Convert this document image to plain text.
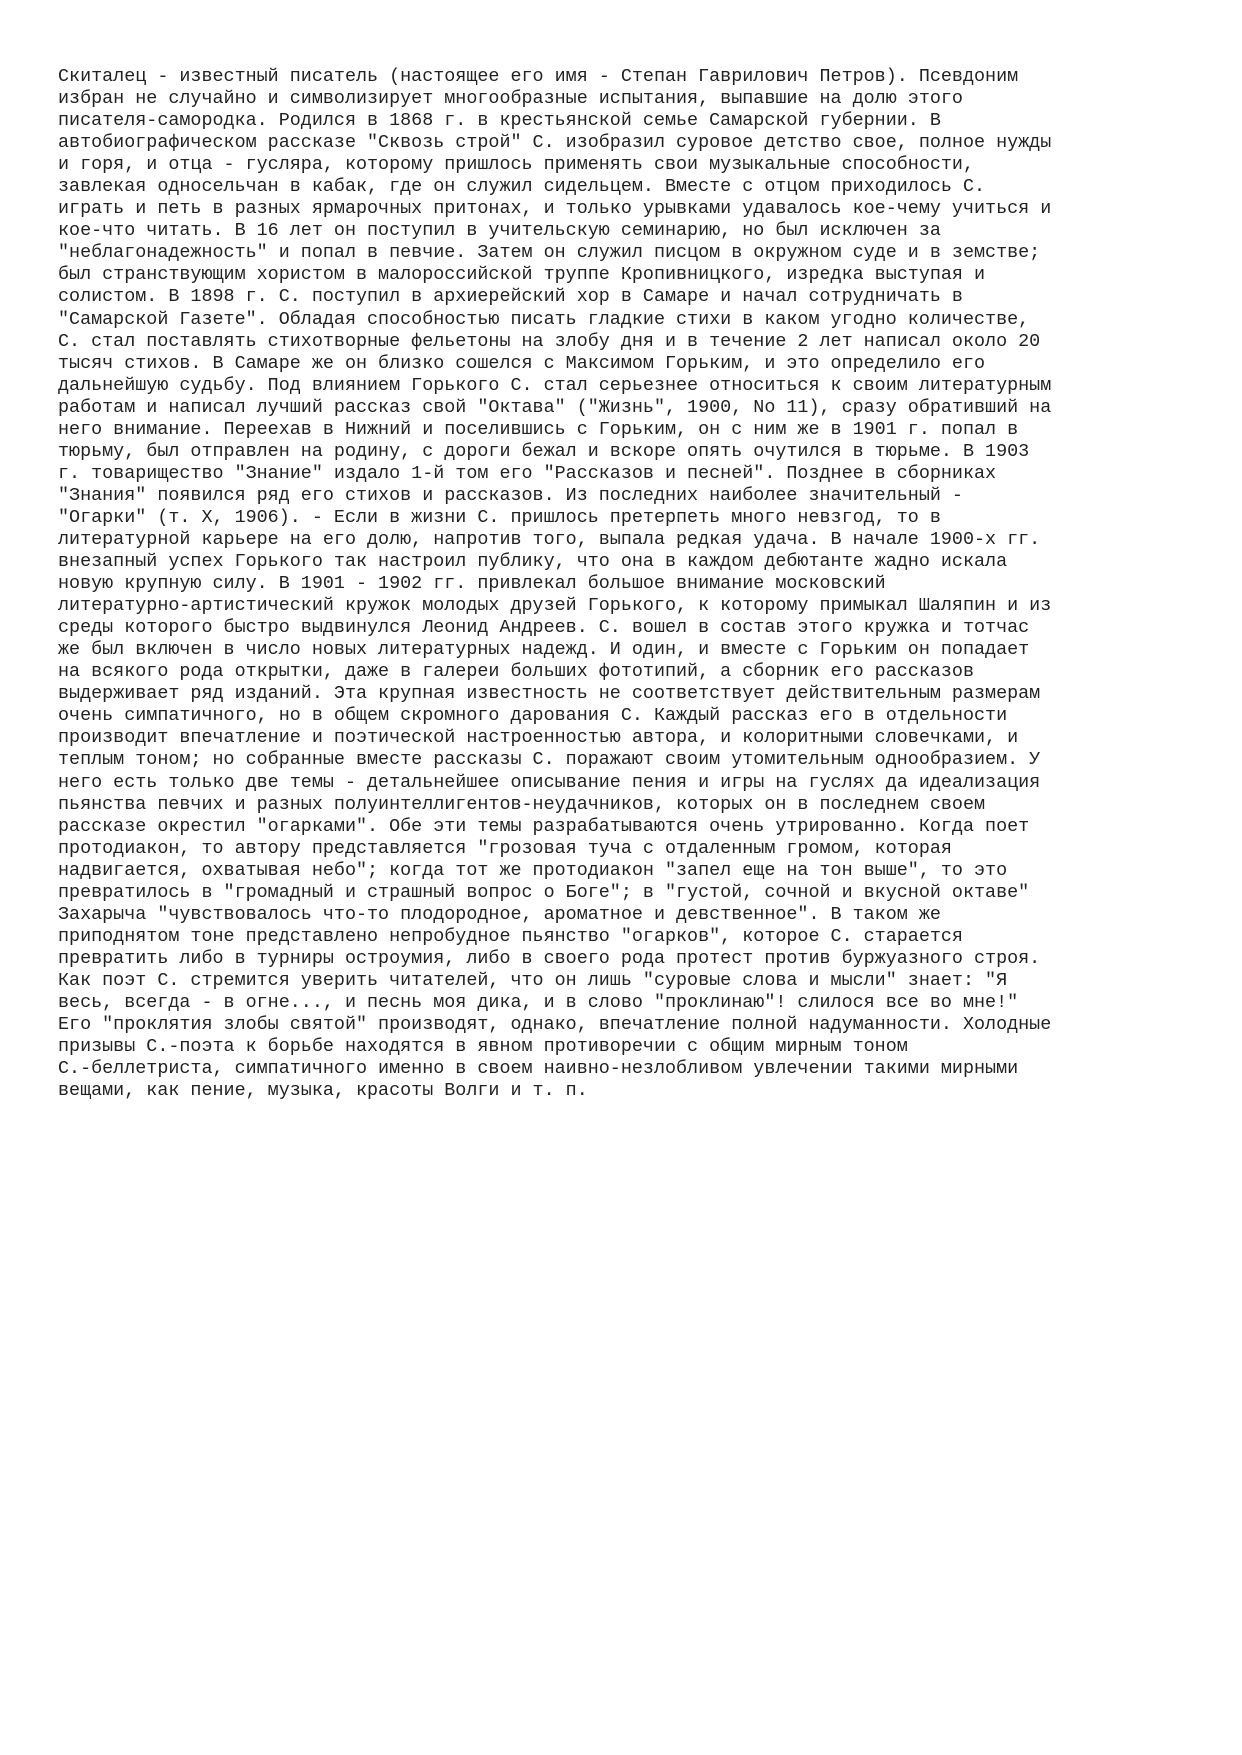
Скиталец - известный писатель (настоящее его имя - Степан Гаврилович Петров). Псевдоним
избран не случайно и символизирует многообразные испытания, выпавшие на долю этого
писателя-самородка. Родился в 1868 г. в крестьянской семье Самарской губернии. В
автобиографическом рассказе "Сквозь строй" С. изобразил суровое детство свое, полное нужды
и горя, и отца - гусляра, которому пришлось применять свои музыкальные способности,
завлекая односельчан в кабак, где он служил сидельцем. Вместе с отцом приходилось С.
играть и петь в разных ярмарочных притонах, и только урывками удавалось кое-чему учиться и
кое-что читать. В 16 лет он поступил в учительскую семинарию, но был исключен за
"неблагонадежность" и попал в певчие. Затем он служил писцом в окружном суде и в земстве;
был странствующим хористом в малороссийской труппе Кропивницкого, изредка выступая и
солистом. В 1898 г. С. поступил в архиерейский хор в Самаре и начал сотрудничать в
"Самарской Газете". Обладая способностью писать гладкие стихи в каком угодно количестве,
С. стал поставлять стихотворные фельетоны на злобу дня и в течение 2 лет написал около 20
тысяч стихов. В Самаре же он близко сошелся с Максимом Горьким, и это определило его
дальнейшую судьбу. Под влиянием Горького С. стал серьезнее относиться к своим литературным
работам и написал лучший рассказ свой "Октава" ("Жизнь", 1900, No 11), сразу обративший на
него внимание. Переехав в Нижний и поселившись с Горьким, он с ним же в 1901 г. попал в
тюрьму, был отправлен на родину, с дороги бежал и вскоре опять очутился в тюрьме. В 1903
г. товарищество "Знание" издало 1-й том его "Рассказов и песней". Позднее в сборниках
"Знания" появился ряд его стихов и рассказов. Из последних наиболее значительный -
"Огарки" (т. X, 1906). - Если в жизни С. пришлось претерпеть много невзгод, то в
литературной карьере на его долю, напротив того, выпала редкая удача. В начале 1900-х гг.
внезапный успех Горького так настроил публику, что она в каждом дебютанте жадно искала
новую крупную силу. В 1901 - 1902 гг. привлекал большое внимание московский
литературно-артистический кружок молодых друзей Горького, к которому примыкал Шаляпин и из
среды которого быстро выдвинулся Леонид Андреев. С. вошел в состав этого кружка и тотчас
же был включен в число новых литературных надежд. И один, и вместе с Горьким он попадает
на всякого рода открытки, даже в галереи больших фототипий, а сборник его рассказов
выдерживает ряд изданий. Эта крупная известность не соответствует действительным размерам
очень симпатичного, но в общем скромного дарования С. Каждый рассказ его в отдельности
производит впечатление и поэтической настроенностью автора, и колоритными словечками, и
теплым тоном; но собранные вместе рассказы С. поражают своим утомительным однообразием. У
него есть только две темы - детальнейшее описывание пения и игры на гуслях да идеализация
пьянства певчих и разных полуинтеллигентов-неудачников, которых он в последнем своем
рассказе окрестил "огарками". Обе эти темы разрабатываются очень утрированно. Когда поет
протодиакон, то автору представляется "грозовая туча с отдаленным громом, которая
надвигается, охватывая небо"; когда тот же протодиакон "запел еще на тон выше", то это
превратилось в "громадный и страшный вопрос о Боге"; в "густой, сочной и вкусной октаве"
Захарыча "чувствовалось что-то плодородное, ароматное и девственное". В таком же
приподнятом тоне представлено непробудное пьянство "огарков", которое С. старается
превратить либо в турниры остроумия, либо в своего рода протест против буржуазного строя.
Как поэт С. стремится уверить читателей, что он лишь "суровые слова и мысли" знает: "Я
весь, всегда - в огне..., и песнь моя дика, и в слово "проклинаю"! слилося все во мне!"
Его "проклятия злобы святой" производят, однако, впечатление полной надуманности. Холодные
призывы С.-поэта к борьбе находятся в явном противоречии с общим мирным тоном
С.-беллетриста, симпатичного именно в своем наивно-незлобливом увлечении такими мирными
вещами, как пение, музыка, красоты Волги и т. п.
